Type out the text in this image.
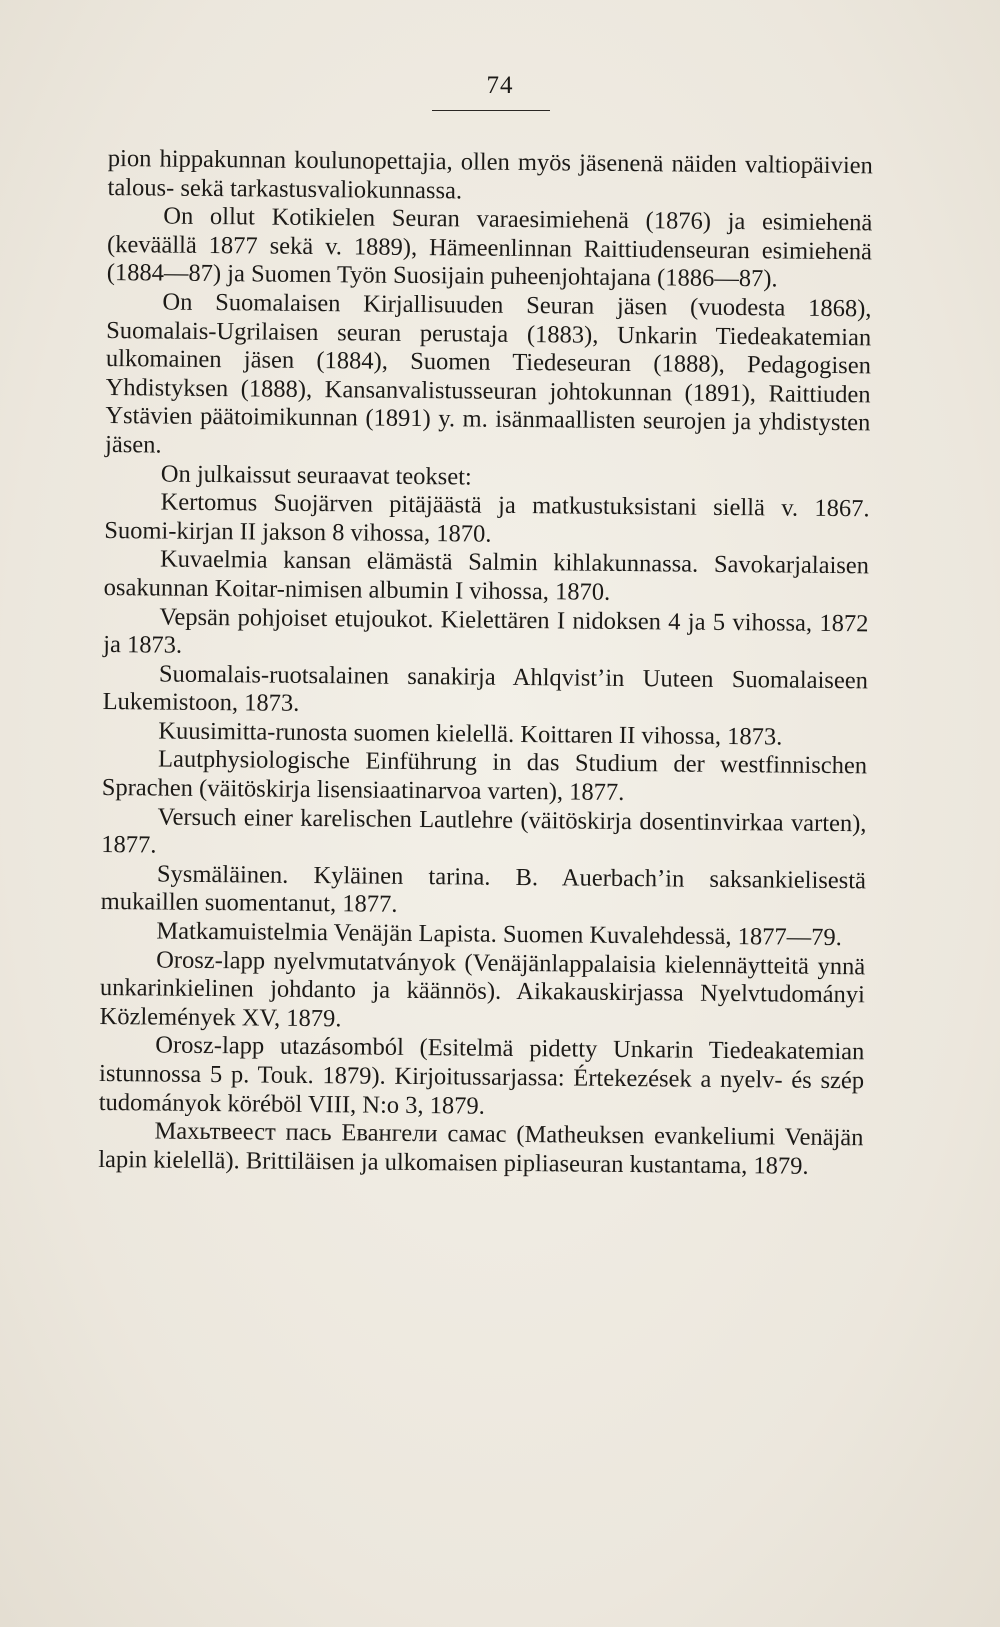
74

pion hippakunnan koulunopettajia, ollen myös jäsenenä näiden valtiopäivien talous- sekä tarkastusvaliokunnassa.

On ollut Kotikielen Seuran varaesimiehenä (1876) ja esimiehenä (keväällä 1877 sekä v. 1889), Hämeenlinnan Raittiudenseuran esimiehenä (1884—87) ja Suomen Työn Suosijain puheenjohtajana (1886—87).

On Suomalaisen Kirjallisuuden Seuran jäsen (vuodesta 1868), Suomalais-Ugrilaisen seuran perustaja (1883), Unkarin Tiedeakatemian ulkomainen jäsen (1884), Suomen Tiedeseuran (1888), Pedagogisen Yhdistyksen (1888), Kansanvalistusseuran johtokunnan (1891), Raittiuden Ystävien päätoimikunnan (1891) y. m. isänmaallisten seurojen ja yhdistysten jäsen.

On julkaissut seuraavat teokset:

Kertomus Suojärven pitäjäästä ja matkustuksistani siellä v. 1867. Suomi-kirjan II jakson 8 vihossa, 1870.

Kuvaelmia kansan elämästä Salmin kihlakunnassa. Savokarjalaisen osakunnan Koitar-nimisen albumin I vihossa, 1870.

Vepsän pohjoiset etujoukot. Kielettären I nidoksen 4 ja 5 vihossa, 1872 ja 1873.

Suomalais-ruotsalainen sanakirja Ahlqvist’in Uuteen Suomalaiseen Lukemistoon, 1873.

Kuusimitta-runosta suomen kielellä. Koittaren II vihossa, 1873.

Lautphysiologische Einführung in das Studium der westfinnischen Sprachen (väitöskirja lisensiaatinarvoa varten), 1877.

Versuch einer karelischen Lautlehre (väitöskirja dosentinvirkaa varten), 1877.

Sysmäläinen. Kyläinen tarina. B. Auerbach’in saksankielisestä mukaillen suomentanut, 1877.

Matkamuistelmia Venäjän Lapista. Suomen Kuvalehdessä, 1877—79.

Orosz-lapp nyelvmutatványok (Venäjänlappalaisia kielennäytteitä ynnä unkarinkielinen johdanto ja käännös). Aikakauskirjassa Nyelvtudományi Közlemények XV, 1879.

Orosz-lapp utazásomból (Esitelmä pidetty Unkarin Tiedeakatemian istunnossa 5 p. Touk. 1879). Kirjoitussarjassa: Értekezések a nyelv- és szép tudományok köréböl VIII, N:o 3, 1879.

Махьтвеест пась Евангели самас (Matheuksen evankeliumi Venäjän lapin kielellä). Brittiläisen ja ulkomaisen pipliaseuran kustantama, 1879.
